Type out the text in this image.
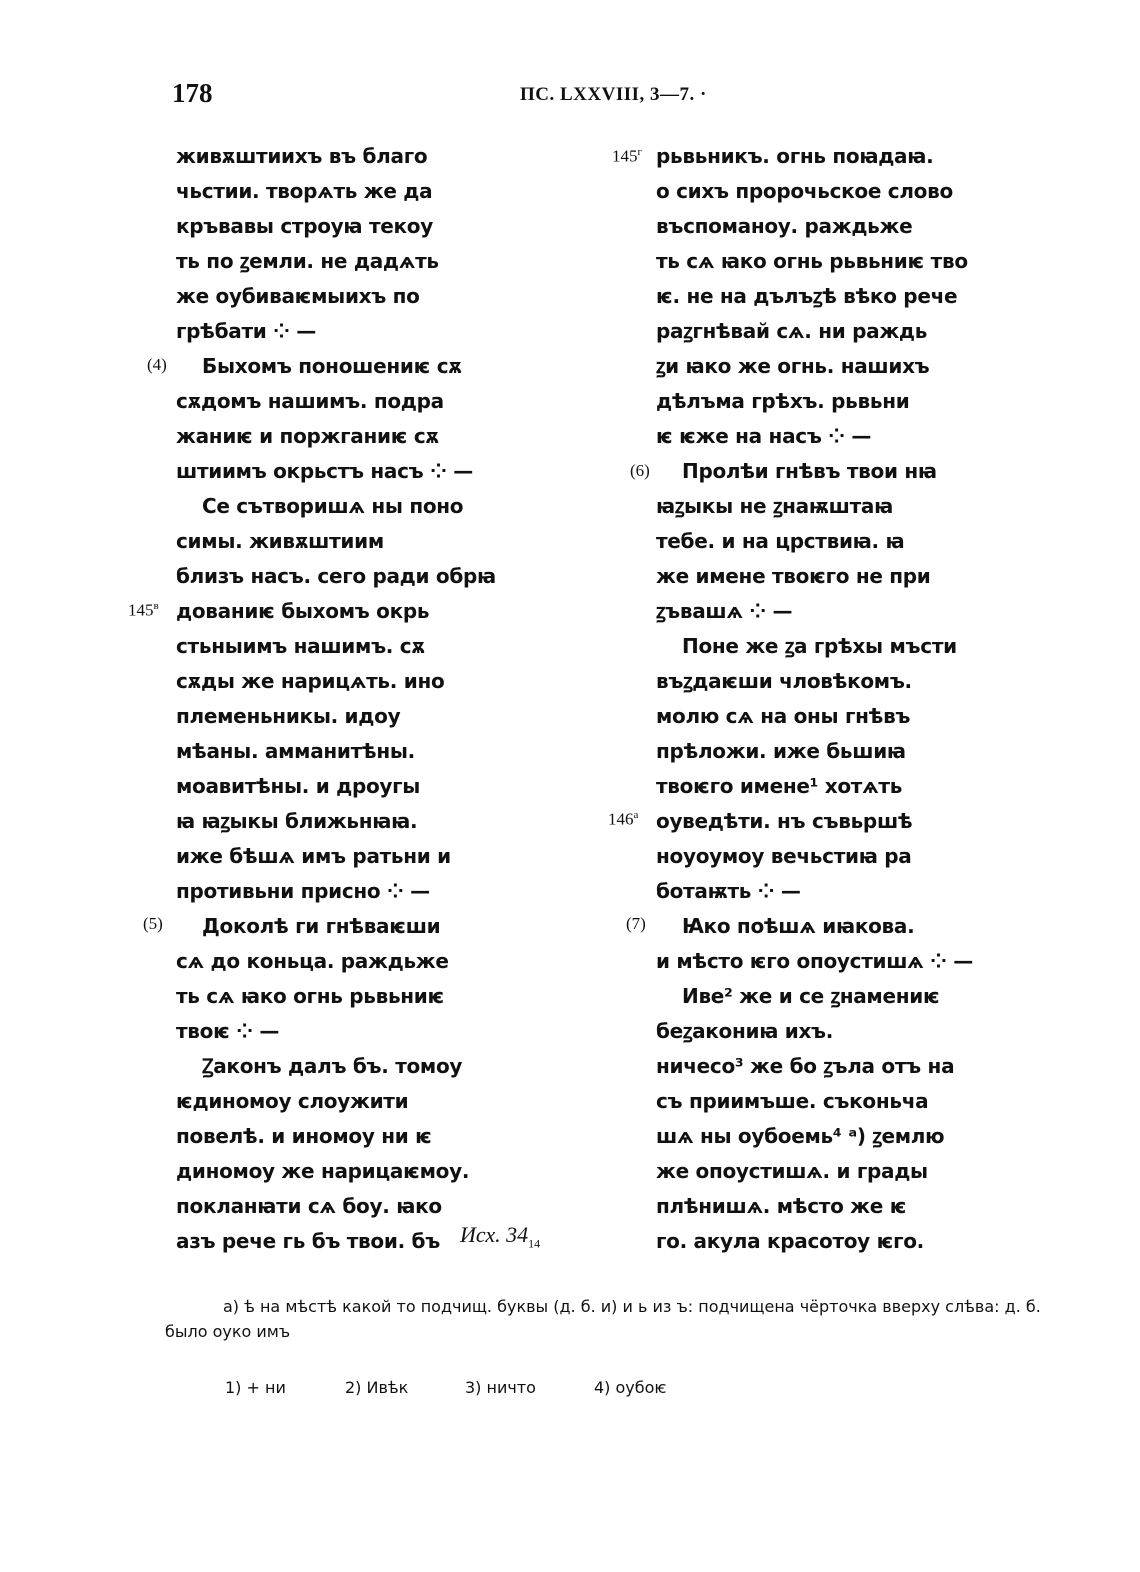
178	ПС. LXXVIII, 3—7. ·
живѫштиихъ въ благо
чьстии. творѧть же да
кръвавы строуꙗ текоу
ть по ꙁемли. не дадѧть
же оубиваѥмыихъ по
грѣбати ⁘ —
Быхомъ поношениѥ сѫ
сѫдомъ нашимъ. подра
жаниѥ и поржганиѥ сѫ
штиимъ окрьстъ насъ ⁘ —
Се сътворишѧ ны поно
симы. живѫштиим
близъ насъ. сего ради обрꙗ
дованиѥ быхомъ окрь
стьныимъ нашимъ. сѫ
сѫды же нарицѧть. ино
племеньникы. идоу
мѣаны. амманитѣны.
моавитѣны. и дроугы
ꙗ ꙗꙁыкы ближьнꙗꙗ.
иже бѣшѧ имъ ратьни и
противьни присно ⁘ —
Доколѣ ги гнѣваѥши
сѧ до коньца. раждьже
ть сѧ ꙗко огнь рьвьниѥ
твоѥ ⁘ —
Ꙁаконъ далъ бъ. томоу
ѥдиномоу слоужити
повелѣ. и иномоу ни ѥ
диномоу же нарицаѥмоу.
покланꙗти сѧ боу. ꙗко
азъ рече гь бъ твои. бъ
рьвьникъ. огнь поꙗдаꙗ.
о сихъ пророчьское слово
въспоманоу. раждьже
ть сѧ ꙗко огнь рьвьниѥ тво
ѥ. не на дълъꙁѣ вѣко рече
раꙁгнѣвай сѧ. ни раждь
ꙁи ꙗко же огнь. нашихъ
дѣлъма грѣхъ. рьвьни
ѥ ѥже на насъ ⁘ —
Пролѣи гнѣвъ твои нꙗ
ꙗꙁыкы не ꙁнаѭштаꙗ
тебе. и на црствиꙗ. ꙗ
же имене твоѥго не при
ꙁъвашѧ ⁘ —
Поне же ꙁа грѣхы мъсти
въꙁдаѥши чловѣкомъ.
молю сѧ на оны гнѣвъ
прѣложи. иже бьшиꙗ
твоѥго имене¹ хотѧть
оуведѣти. нъ съвьршѣ
ноуоумоу вечьстиꙗ ра
ботаѭть ⁘ —
Ꙗко поѣшѧ иꙗкова.
и мѣсто ѥго опоустишѧ ⁘ —
Иве² же и се ꙁнамениѥ
беꙁакониꙗ ихъ.
ничесо³ же бо ꙁъла отъ на
съ приимъше. съконьча
шѧ ны оубоемь⁴ ᵃ) ꙁемлю
же опоустишѧ. и грады
плѣнишѧ. мѣсто же ѥ
го. акула красотоу ѥго.
(4)
(5)
(6)
(7)
$145^в$
$145^г$
$146^а$
Исх. $34_{14}$
а) ѣ на мѣстѣ какой то подчищ. буквы (д. б. и) и ь из ъ: подчищена чёрточка вверху слѣва: д. б. было оуко имъ
1) + ни	2) Ивѣк	3) ничто	4) оубоѥ
